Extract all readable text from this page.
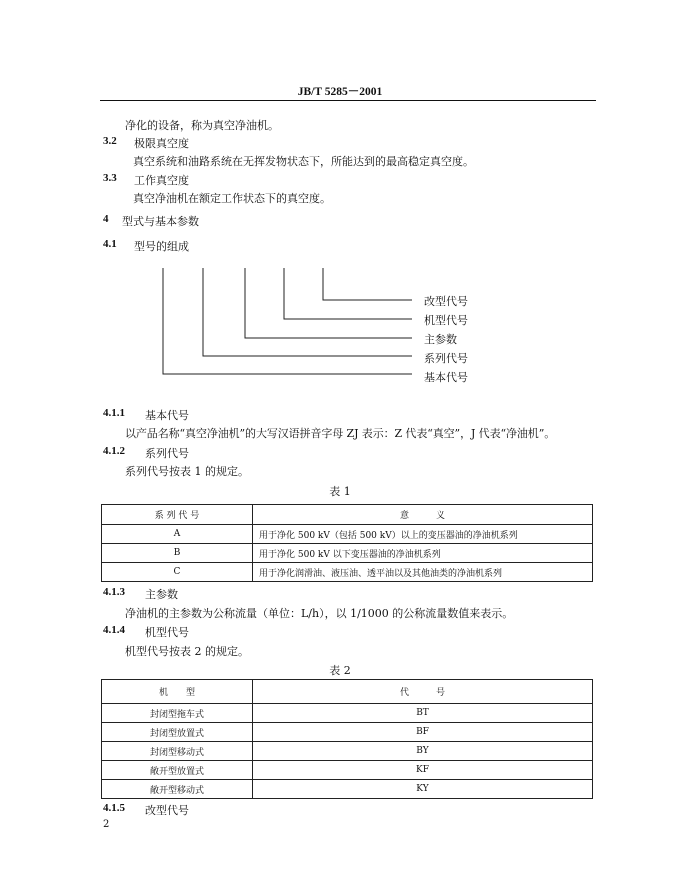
JB/T 5285－2001
净化的设备，称为真空净油机。
3.2 极限真空度
真空系统和油路系统在无挥发物状态下，所能达到的最高稳定真空度。
3.3 工作真空度
真空净油机在额定工作状态下的真空度。
4 型式与基本参数
4.1 型号的组成
改型代号
机型代号
主参数
系列代号
基本代号
4.1.1 基本代号
以产品名称“真空净油机”的大写汉语拼音字母 ZJ 表示：Z 代表“真空”，J 代表“净油机”。
4.1.2 系列代号
系列代号按表 1 的规定。
表 1
系 列 代 号	意　　　义
A	用于净化 500 kV（包括 500 kV）以上的变压器油的净油机系列
B	用于净化 500 kV 以下变压器油的净油机系列
C	用于净化润滑油、液压油、透平油以及其他油类的净油机系列
4.1.3 主参数
净油机的主参数为公称流量（单位：L/h），以 1/1000 的公称流量数值来表示。
4.1.4 机型代号
机型代号按表 2 的规定。
表 2
机　　型	代　　　号
封闭型拖车式	BT
封闭型放置式	BF
封闭型移动式	BY
敞开型放置式	KF
敞开型移动式	KY
4.1.5 改型代号
2
